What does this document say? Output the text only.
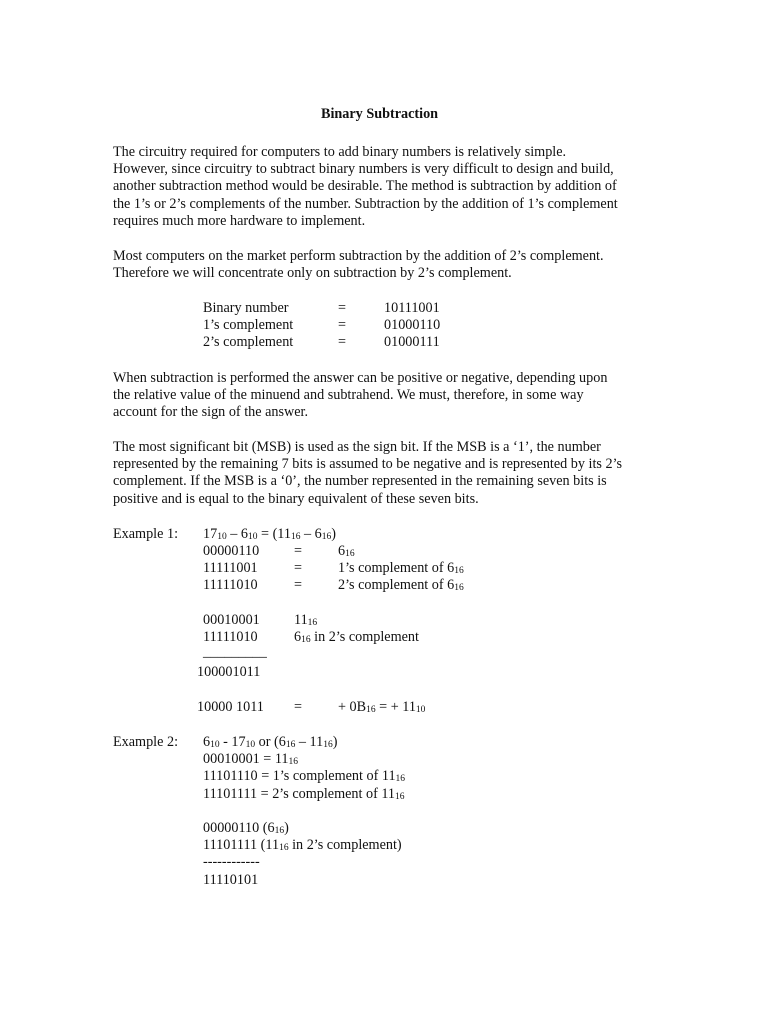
Binary Subtraction
The circuitry required for computers to add binary numbers is relatively simple.
However, since circuitry to subtract binary numbers is very difficult to design and build,
another subtraction method would be desirable. The method is subtraction by addition of
the 1’s or 2’s complements of the number. Subtraction by the addition of 1’s complement
requires much more hardware to implement.
Most computers on the market perform subtraction by the addition of 2’s complement.
Therefore we will concentrate only on subtraction by 2’s complement.
Binary number	=	10111001
1’s complement	=	01000110
2’s complement	=	01000111
When subtraction is performed the answer can be positive or negative, depending upon
the relative value of the minuend and subtrahend. We must, therefore, in some way
account for the sign of the answer.
The most significant bit (MSB) is used as the sign bit. If the MSB is a ‘1’, the number
represented by the remaining 7 bits is assumed to be negative and is represented by its 2’s
complement. If the MSB is a ‘0’, the number represented in the remaining seven bits is
positive and is equal to the binary equivalent of these seven bits.
Example 1: $17_{10} - 6_{10} = (11_{16} - 6_{16})$
00000110 =	$6_{16}$
11111001	=	1’s complement of $6_{16}$
11111010	=	2’s complement of $6_{16}$
00010001 $11_{16}$
11111010	$6_{16}$ in 2’s complement
_________
100001011
10000 1011 =	+ $0B_{16}$ = + $11_{10}$
Example 2: $6_{10} - 17_{10}$ or $(6_{16} - 11_{16})$
$00010001 = 11_{16}$
11101110 = 1’s complement of $11_{16}$
11101111 = 2’s complement of $11_{16}$
00000110 $(6_{16})$
11101111 ($11_{16}$ in 2’s complement)
------------
11110101
